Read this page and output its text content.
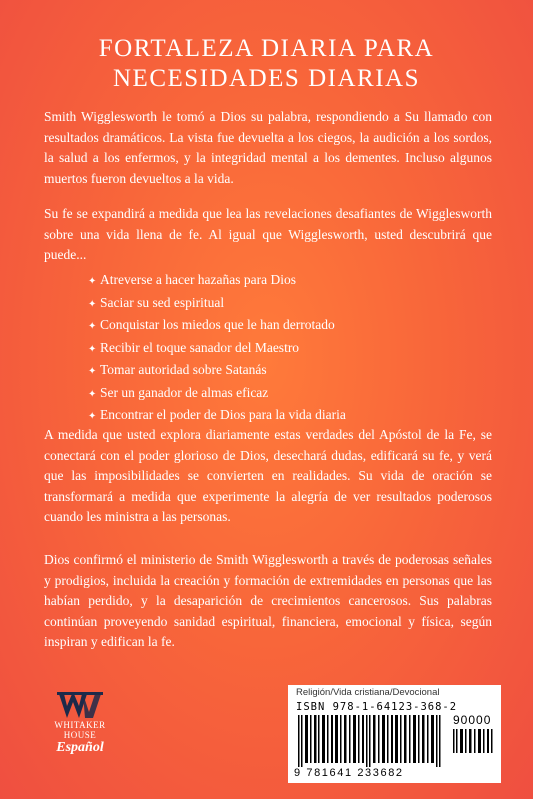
FORTALEZA DIARIA PARA
NECESIDADES DIARIAS

Smith Wigglesworth le tomó a Dios su palabra, respondiendo a Su llamado con resultados dramáticos. La vista fue devuelta a los ciegos, la audición a los sordos, la salud a los enfermos, y la integridad mental a los dementes. Incluso algunos muertos fueron devueltos a la vida.

Su fe se expandirá a medida que lea las revelaciones desafiantes de Wigglesworth sobre una vida llena de fe. Al igual que Wigglesworth, usted descubrirá que puede...

✦ Atreverse a hacer hazañas para Dios
✦ Saciar su sed espiritual
✦ Conquistar los miedos que le han derrotado
✦ Recibir el toque sanador del Maestro
✦ Tomar autoridad sobre Satanás
✦ Ser un ganador de almas eficaz
✦ Encontrar el poder de Dios para la vida diaria

A medida que usted explora diariamente estas verdades del Apóstol de la Fe, se conectará con el poder glorioso de Dios, desechará dudas, edificará su fe, y verá que las imposibilidades se convierten en realidades. Su vida de oración se transformará a medida que experimente la alegría de ver resultados poderosos cuando les ministra a las personas.

Dios confirmó el ministerio de Smith Wigglesworth a través de poderosas señales y prodigios, incluida la creación y formación de extremidades en personas que las habían perdido, y la desaparición de crecimientos cancerosos. Sus palabras continúan proveyendo sanidad espiritual, financiera, emocional y física, según inspiran y edifican la fe.

WHITAKER
HOUSE
Español
Religión/Vida cristiana/Devocional
ISBN 978-1-64123-368-2
90000
9 781641 233682
